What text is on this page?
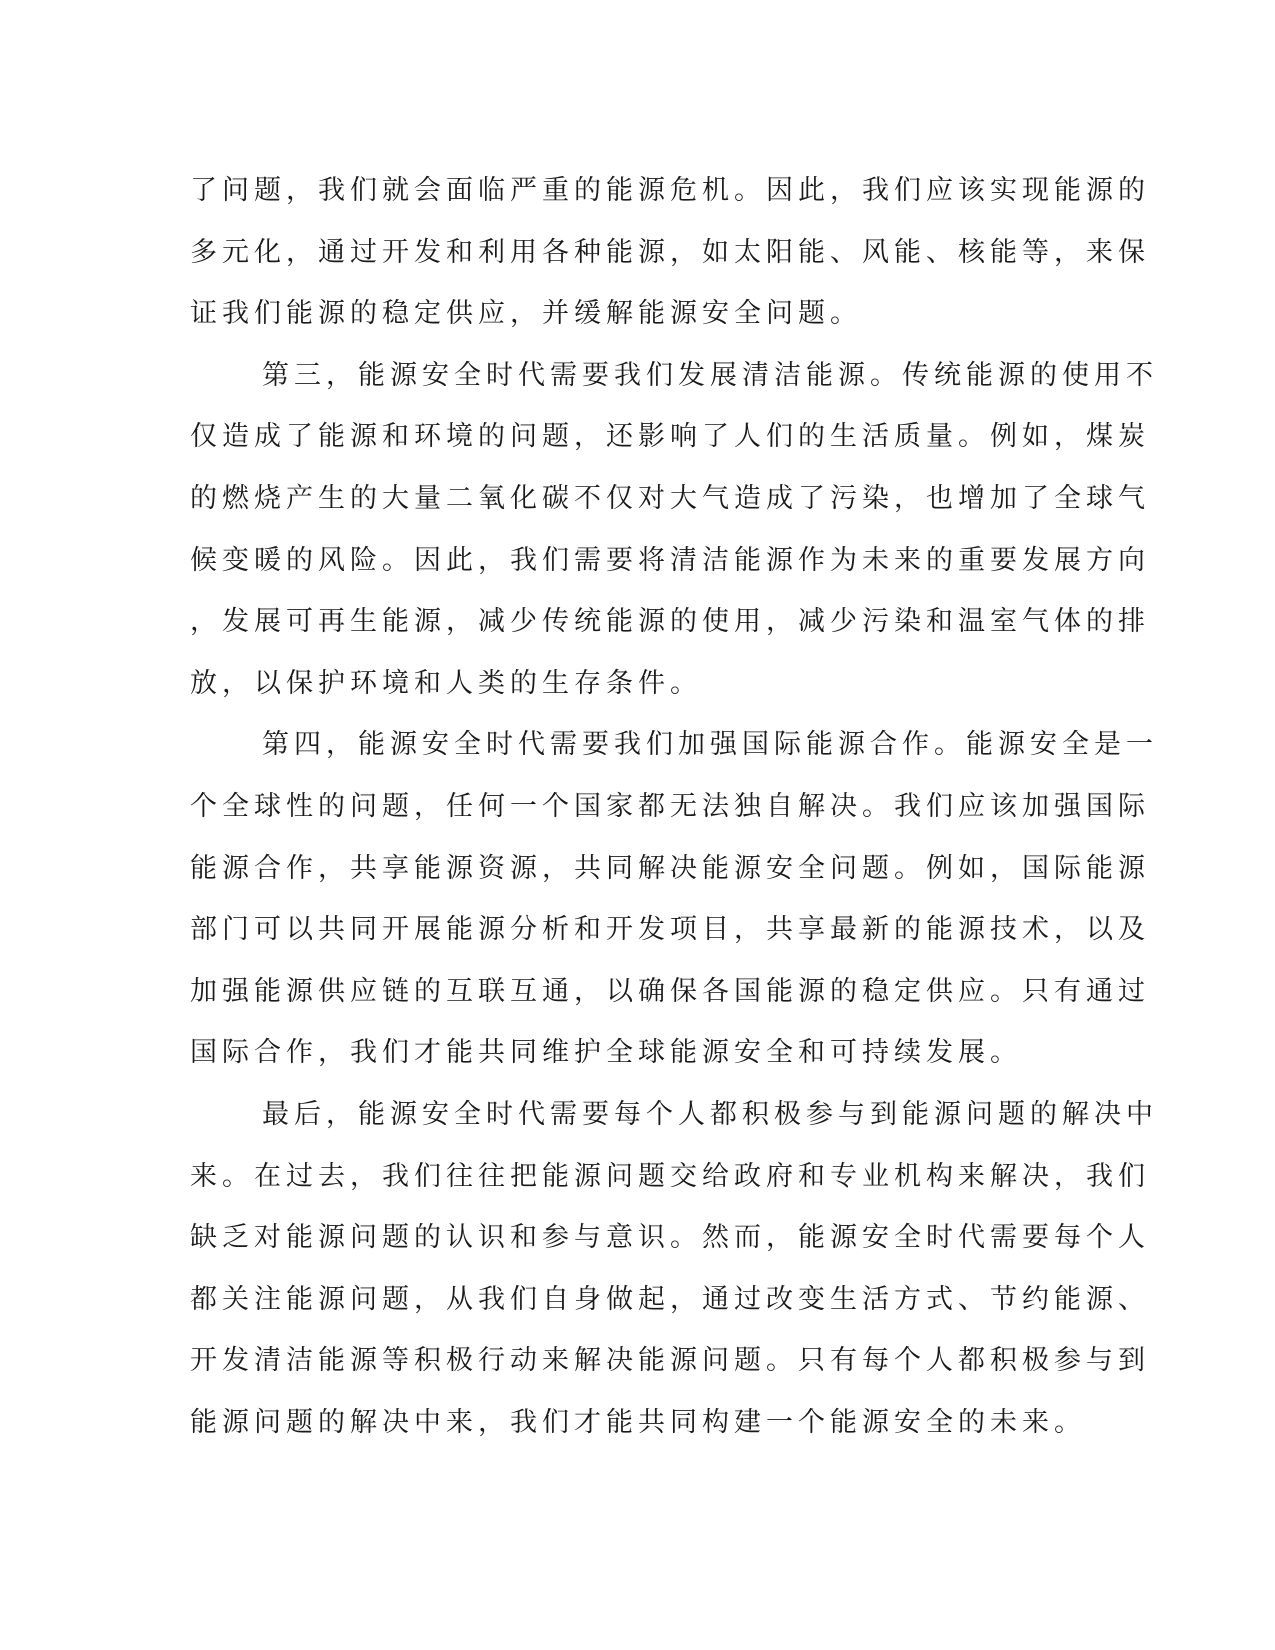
了问题，我们就会面临严重的能源危机。因此，我们应该实现能源的
多元化，通过开发和利用各种能源，如太阳能、风能、核能等，来保
证我们能源的稳定供应，并缓解能源安全问题。
第三，能源安全时代需要我们发展清洁能源。传统能源的使用不
仅造成了能源和环境的问题，还影响了人们的生活质量。例如，煤炭
的燃烧产生的大量二氧化碳不仅对大气造成了污染，也增加了全球气
候变暖的风险。因此，我们需要将清洁能源作为未来的重要发展方向
，发展可再生能源，减少传统能源的使用，减少污染和温室气体的排
放，以保护环境和人类的生存条件。
第四，能源安全时代需要我们加强国际能源合作。能源安全是一
个全球性的问题，任何一个国家都无法独自解决。我们应该加强国际
能源合作，共享能源资源，共同解决能源安全问题。例如，国际能源
部门可以共同开展能源分析和开发项目，共享最新的能源技术，以及
加强能源供应链的互联互通，以确保各国能源的稳定供应。只有通过
国际合作，我们才能共同维护全球能源安全和可持续发展。
最后，能源安全时代需要每个人都积极参与到能源问题的解决中
来。在过去，我们往往把能源问题交给政府和专业机构来解决，我们
缺乏对能源问题的认识和参与意识。然而，能源安全时代需要每个人
都关注能源问题，从我们自身做起，通过改变生活方式、节约能源、
开发清洁能源等积极行动来解决能源问题。只有每个人都积极参与到
能源问题的解决中来，我们才能共同构建一个能源安全的未来。
